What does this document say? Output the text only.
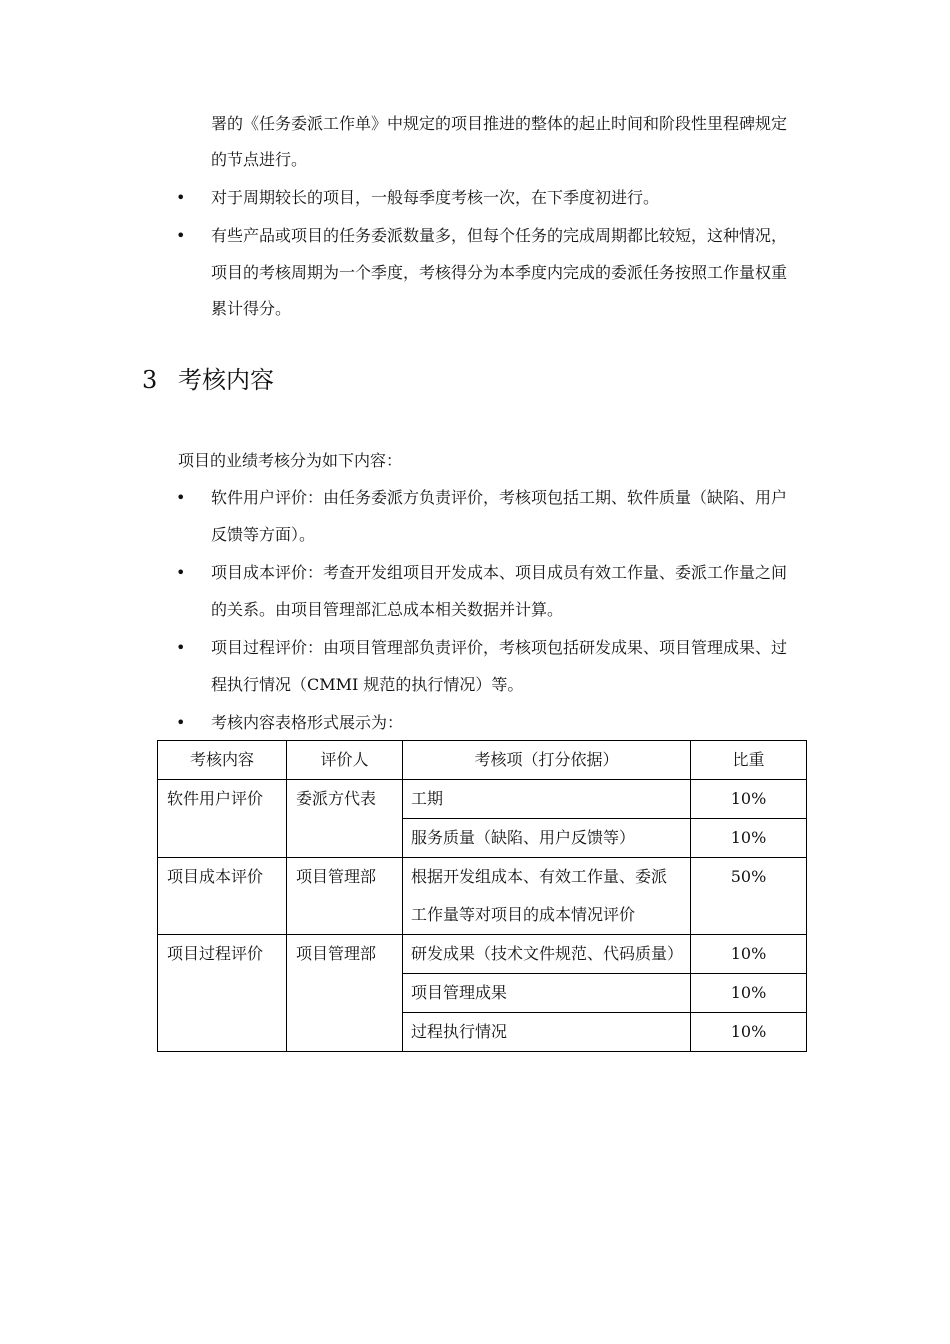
署的《任务委派工作单》中规定的项目推进的整体的起止时间和阶段性里程碑规定
的节点进行。
• 对于周期较长的项目，一般每季度考核一次，在下季度初进行。
• 有些产品或项目的任务委派数量多，但每个任务的完成周期都比较短，这种情况，
项目的考核周期为一个季度，考核得分为本季度内完成的委派任务按照工作量权重
累计得分。
3 考核内容
项目的业绩考核分为如下内容：
• 软件用户评价：由任务委派方负责评价，考核项包括工期、软件质量（缺陷、用户
反馈等方面）。
• 项目成本评价：考查开发组项目开发成本、项目成员有效工作量、委派工作量之间
的关系。由项目管理部汇总成本相关数据并计算。
• 项目过程评价：由项目管理部负责评价，考核项包括研发成果、项目管理成果、过
程执行情况（CMMI 规范的执行情况）等。
• 考核内容表格形式展示为：
考核内容	评价人	考核项（打分依据）	比重
软件用户评价	委派方代表	工期	10%
		服务质量（缺陷、用户反馈等）	10%
项目成本评价	项目管理部	根据开发组成本、有效工作量、委派
工作量等对项目的成本情况评价	50%
项目过程评价	项目管理部	研发成果（技术文件规范、代码质量）	10%
		项目管理成果	10%
		过程执行情况	10%
